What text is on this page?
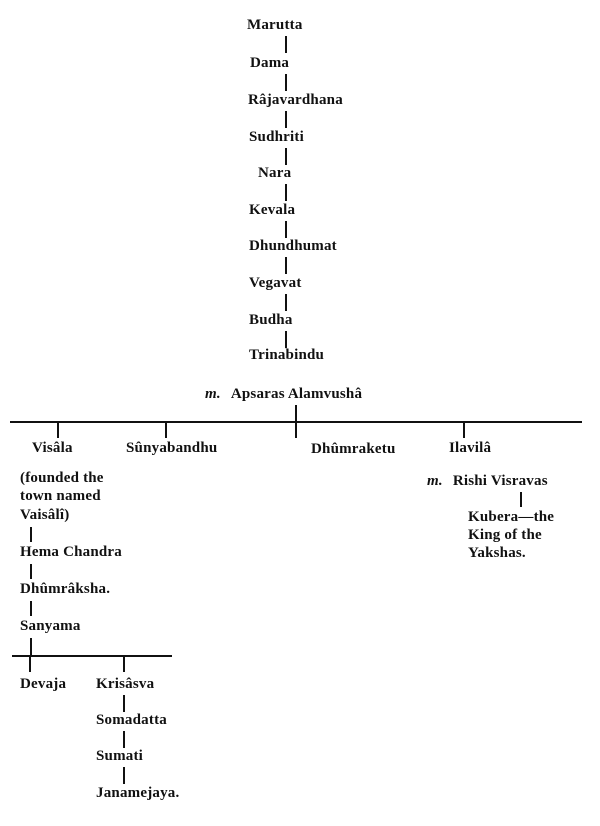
Marutta
Dama
Râjavardhana
Sudhriti
Nara
Kevala
Dhundhumat
Vegavat
Budha
Trinabindu
m. Apsaras Alamvushâ
Visâla	Sûnyabandhu	Dhûmraketu	Ilavilâ
(founded the
town named
Vaisâlî)
Hema Chandra
Dhûmrâksha.
Sanyama
Devaja Krisâsva
Somadatta
Sumati
Janamejaya.
m. Rishi Visravas
Kubera—the
King of the
Yakshas.
